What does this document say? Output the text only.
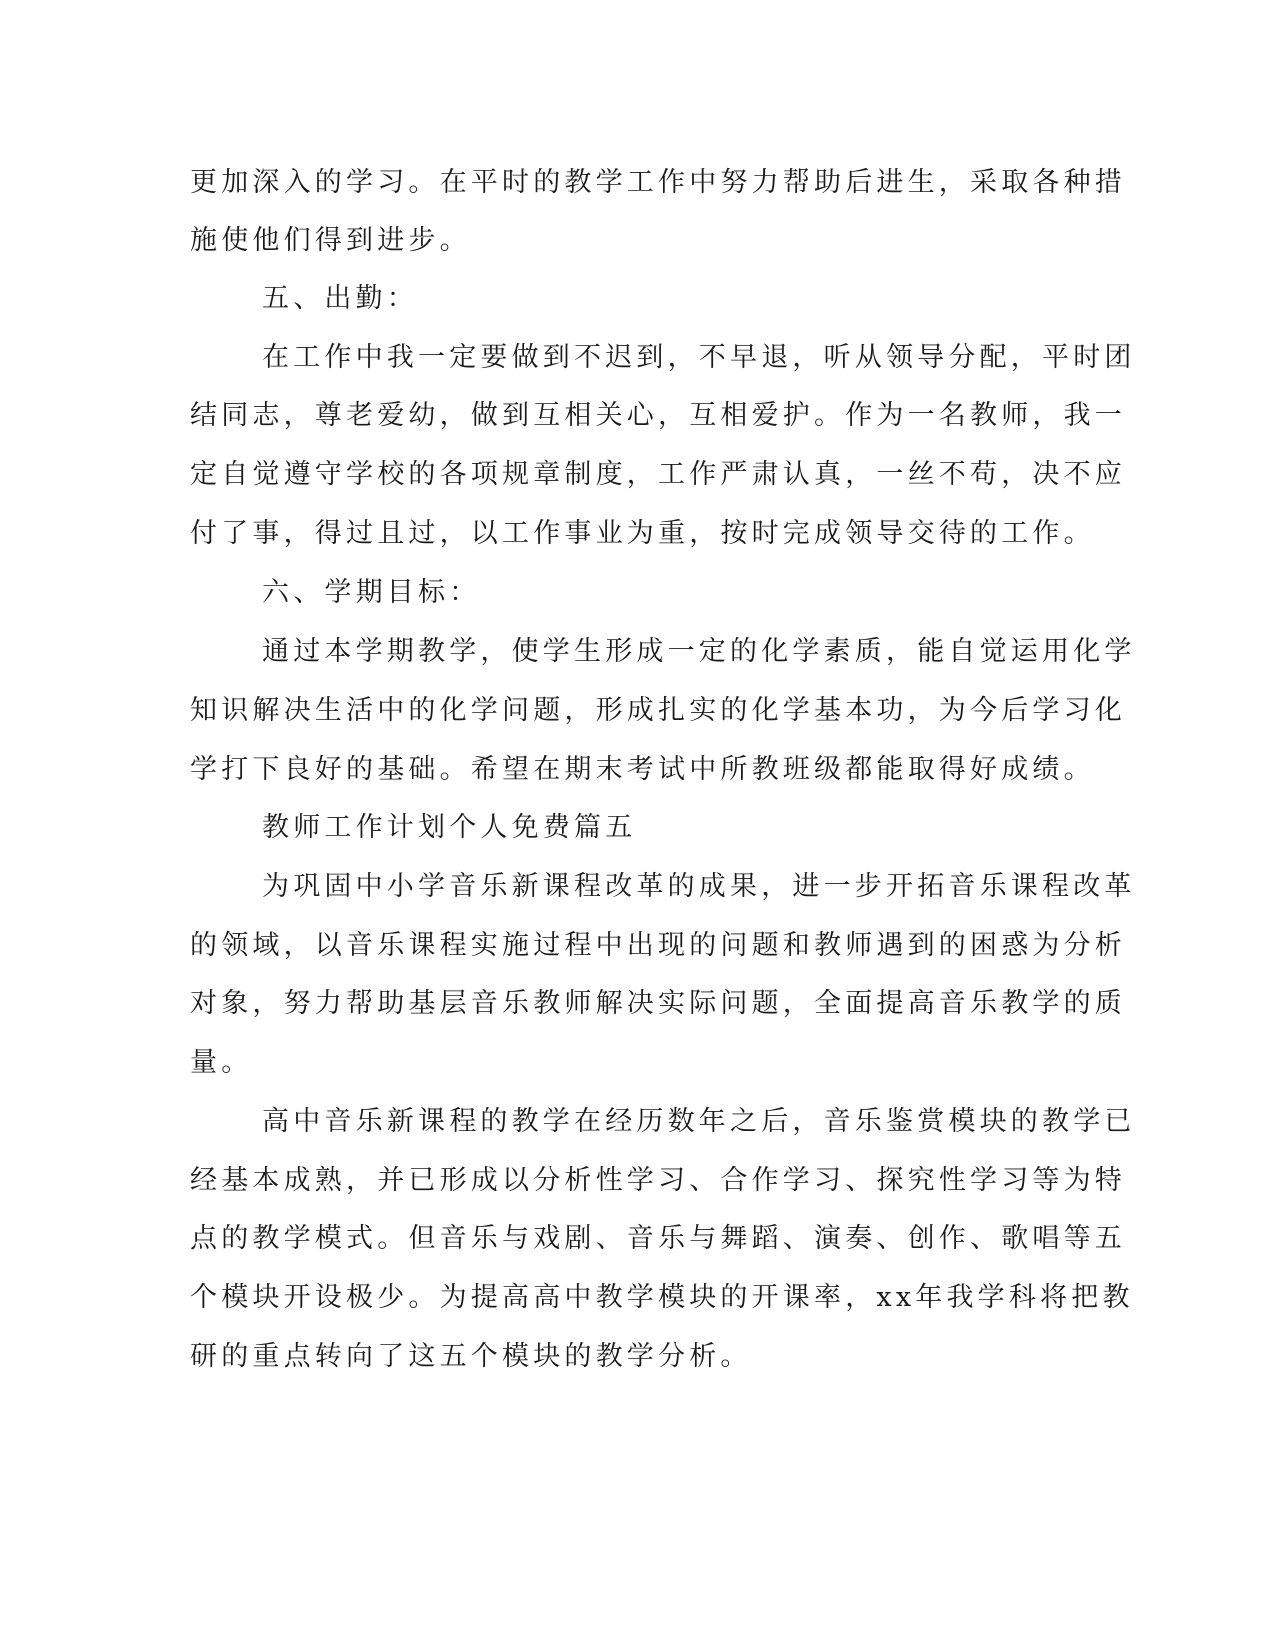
更加深入的学习。在平时的教学工作中努力帮助后进生，采取各种措
施使他们得到进步。
五、出勤：
在工作中我一定要做到不迟到，不早退，听从领导分配，平时团
结同志，尊老爱幼，做到互相关心，互相爱护。作为一名教师，我一
定自觉遵守学校的各项规章制度，工作严肃认真，一丝不苟，决不应
付了事，得过且过，以工作事业为重，按时完成领导交待的工作。
六、学期目标：
通过本学期教学，使学生形成一定的化学素质，能自觉运用化学
知识解决生活中的化学问题，形成扎实的化学基本功，为今后学习化
学打下良好的基础。希望在期末考试中所教班级都能取得好成绩。
教师工作计划个人免费篇五
为巩固中小学音乐新课程改革的成果，进一步开拓音乐课程改革
的领域，以音乐课程实施过程中出现的问题和教师遇到的困惑为分析
对象，努力帮助基层音乐教师解决实际问题，全面提高音乐教学的质
量。
高中音乐新课程的教学在经历数年之后，音乐鉴赏模块的教学已
经基本成熟，并已形成以分析性学习、合作学习、探究性学习等为特
点的教学模式。但音乐与戏剧、音乐与舞蹈、演奏、创作、歌唱等五
个模块开设极少。为提高高中教学模块的开课率，xx年我学科将把教
研的重点转向了这五个模块的教学分析。
